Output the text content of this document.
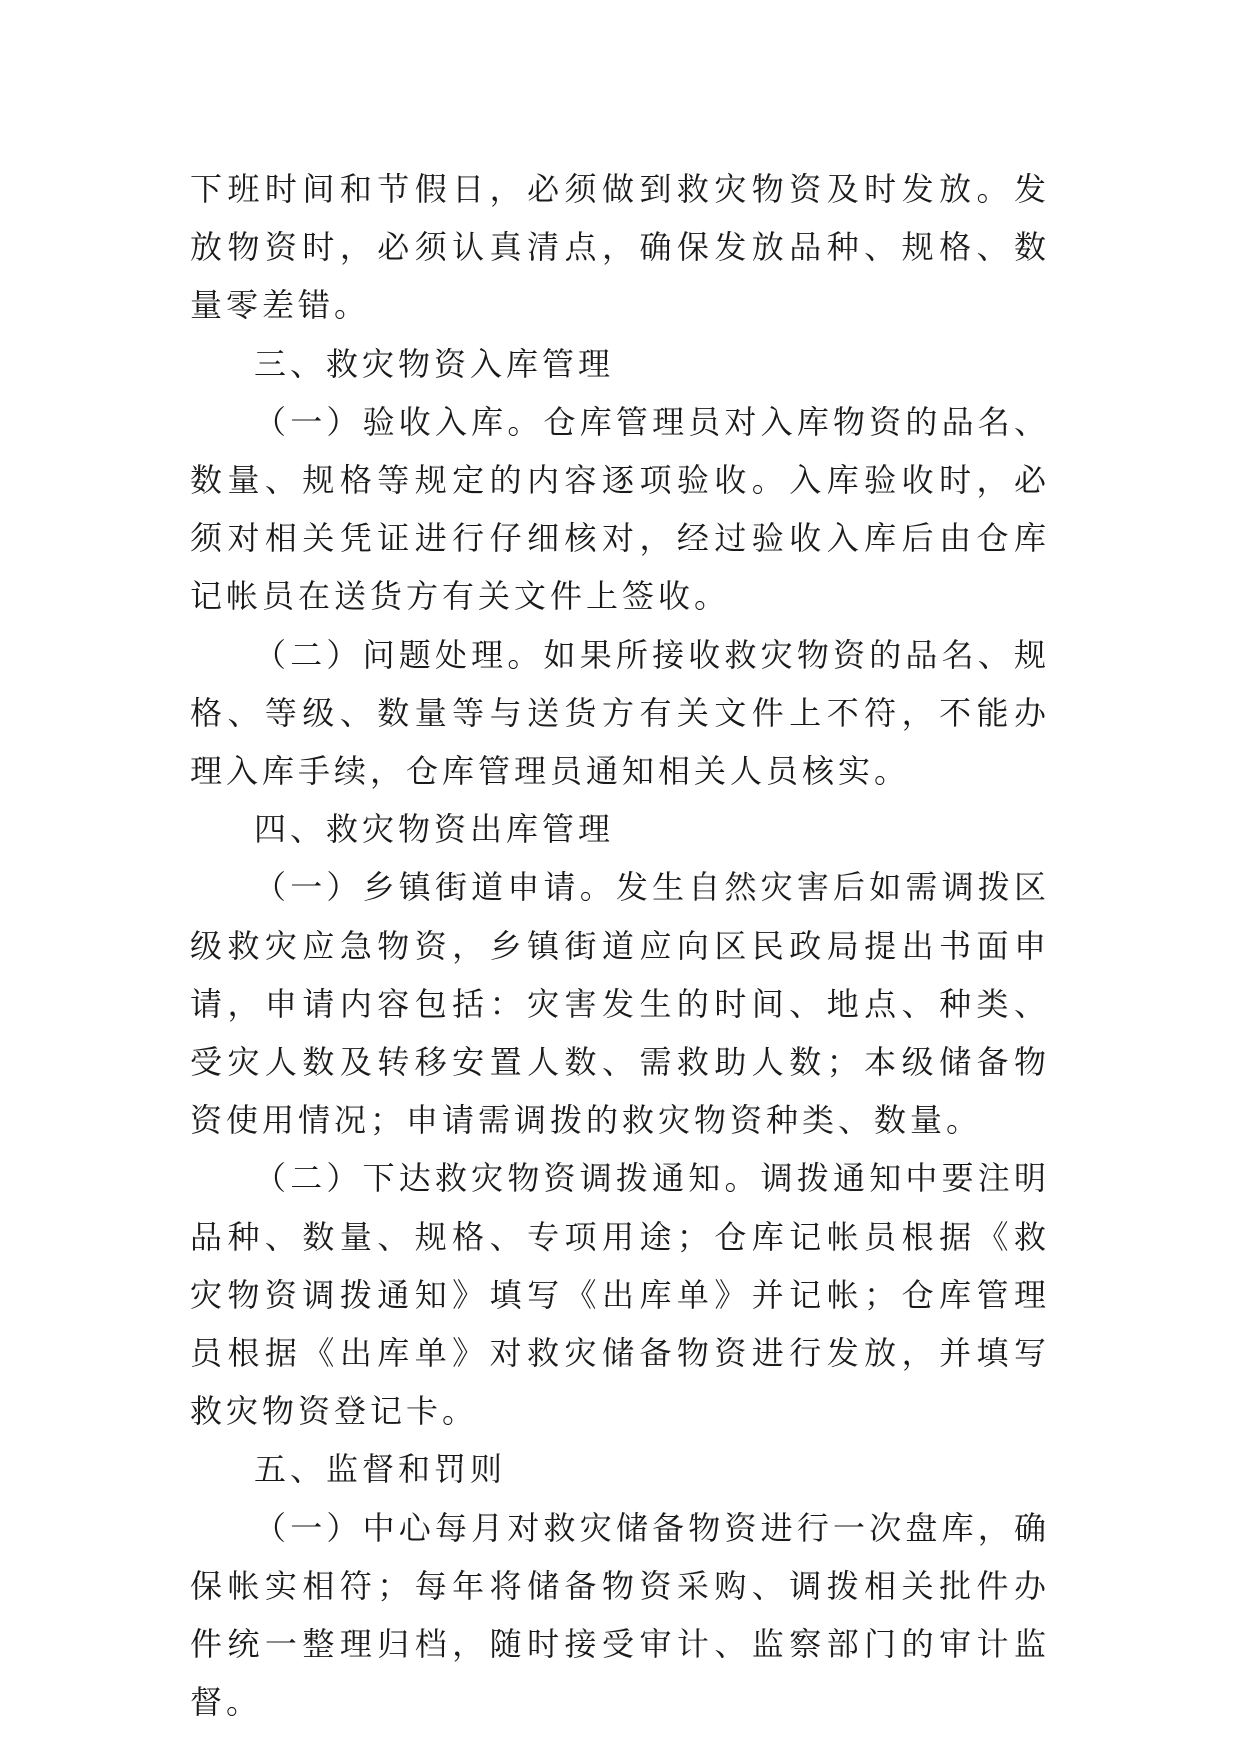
下班时间和节假日，必须做到救灾物资及时发放。发放物资时，必须认真清点，确保发放品种、规格、数量零差错。

三、救灾物资入库管理

（一）验收入库。仓库管理员对入库物资的品名、数量、规格等规定的内容逐项验收。入库验收时，必须对相关凭证进行仔细核对，经过验收入库后由仓库记帐员在送货方有关文件上签收。

（二）问题处理。如果所接收救灾物资的品名、规格、等级、数量等与送货方有关文件上不符，不能办理入库手续，仓库管理员通知相关人员核实。

四、救灾物资出库管理

（一）乡镇街道申请。发生自然灾害后如需调拨区级救灾应急物资，乡镇街道应向区民政局提出书面申请，申请内容包括：灾害发生的时间、地点、种类、受灾人数及转移安置人数、需救助人数；本级储备物资使用情况；申请需调拨的救灾物资种类、数量。

（二）下达救灾物资调拨通知。调拨通知中要注明品种、数量、规格、专项用途；仓库记帐员根据《救灾物资调拨通知》填写《出库单》并记帐；仓库管理员根据《出库单》对救灾储备物资进行发放，并填写救灾物资登记卡。

五、监督和罚则

（一）中心每月对救灾储备物资进行一次盘库，确保帐实相符；每年将储备物资采购、调拨相关批件办件统一整理归档，随时接受审计、监察部门的审计监督。
